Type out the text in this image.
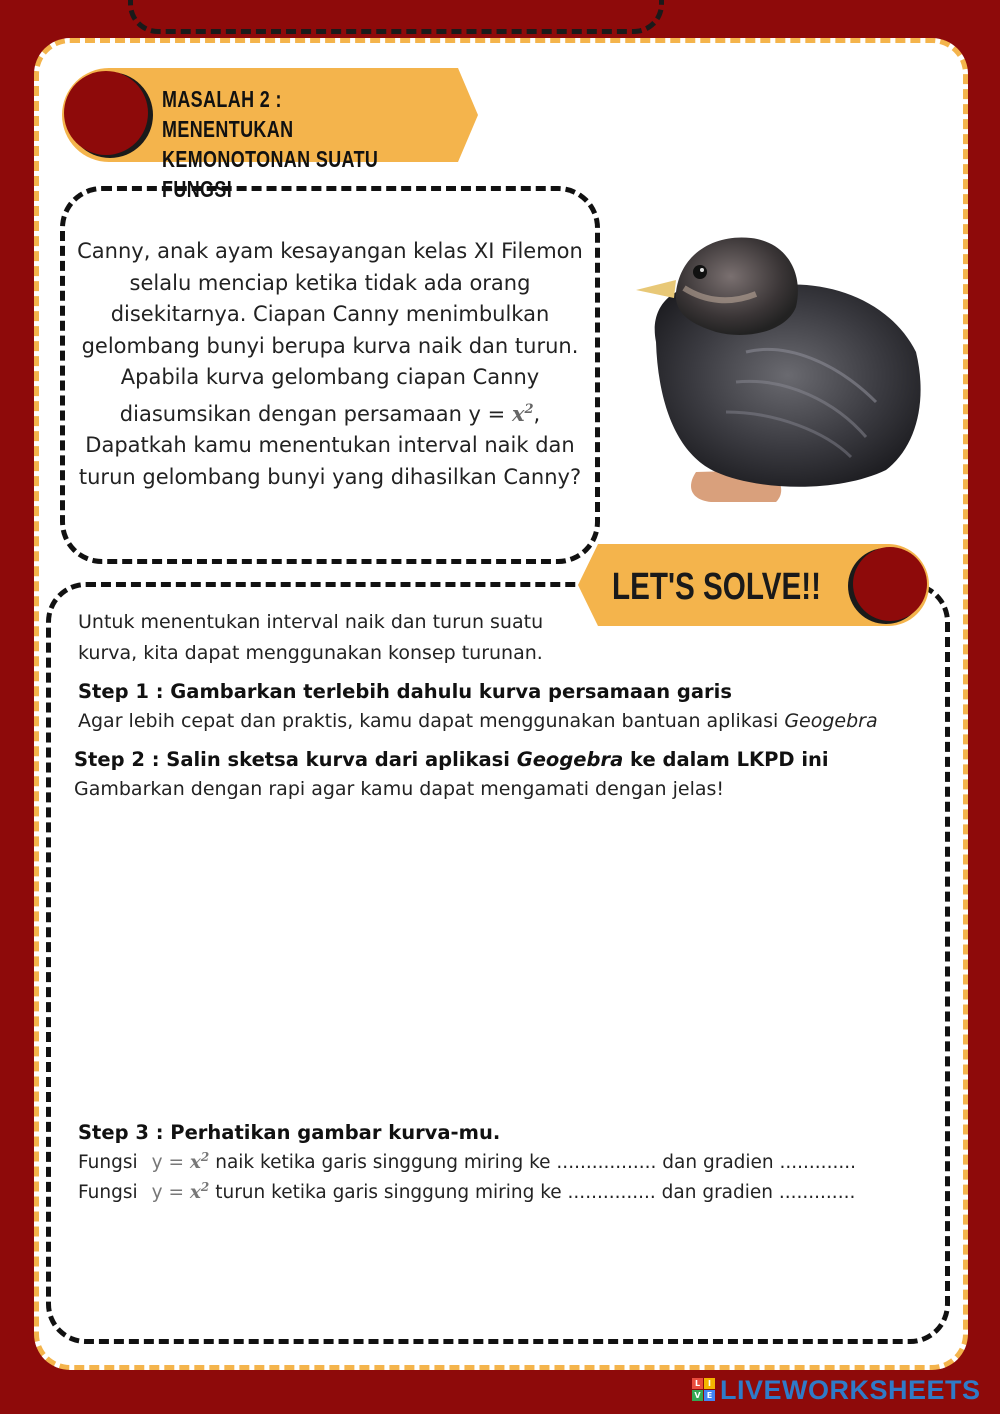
MASALAH 2 : MENENTUKAN
KEMONOTONAN SUATU FUNGSI
Canny, anak ayam kesayangan kelas XI Filemon selalu menciap ketika tidak ada orang disekitarnya. Ciapan Canny menimbulkan gelombang bunyi berupa kurva naik dan turun. Apabila kurva gelombang ciapan Canny diasumsikan dengan persamaan $y = x^2$, Dapatkah kamu menentukan interval naik dan turun gelombang bunyi yang dihasilkan Canny?
LET'S SOLVE!!
Untuk menentukan interval naik dan turun suatu
kurva, kita dapat menggunakan konsep turunan.
Step 1 : Gambarkan terlebih dahulu kurva persamaan garis
Agar lebih cepat dan praktis, kamu dapat menggunakan bantuan aplikasi Geogebra
Step 2 : Salin sketsa kurva dari aplikasi Geogebra ke dalam LKPD ini
Gambarkan dengan rapi agar kamu dapat mengamati dengan jelas!
Step 3 : Perhatikan gambar kurva-mu.
Fungsi $y = x^2$ naik ketika garis singgung miring ke ................. dan gradien .............
Fungsi $y = x^2$ turun ketika garis singgung miring ke ............... dan gradien .............
L I
V E LIVEWORKSHEETS
